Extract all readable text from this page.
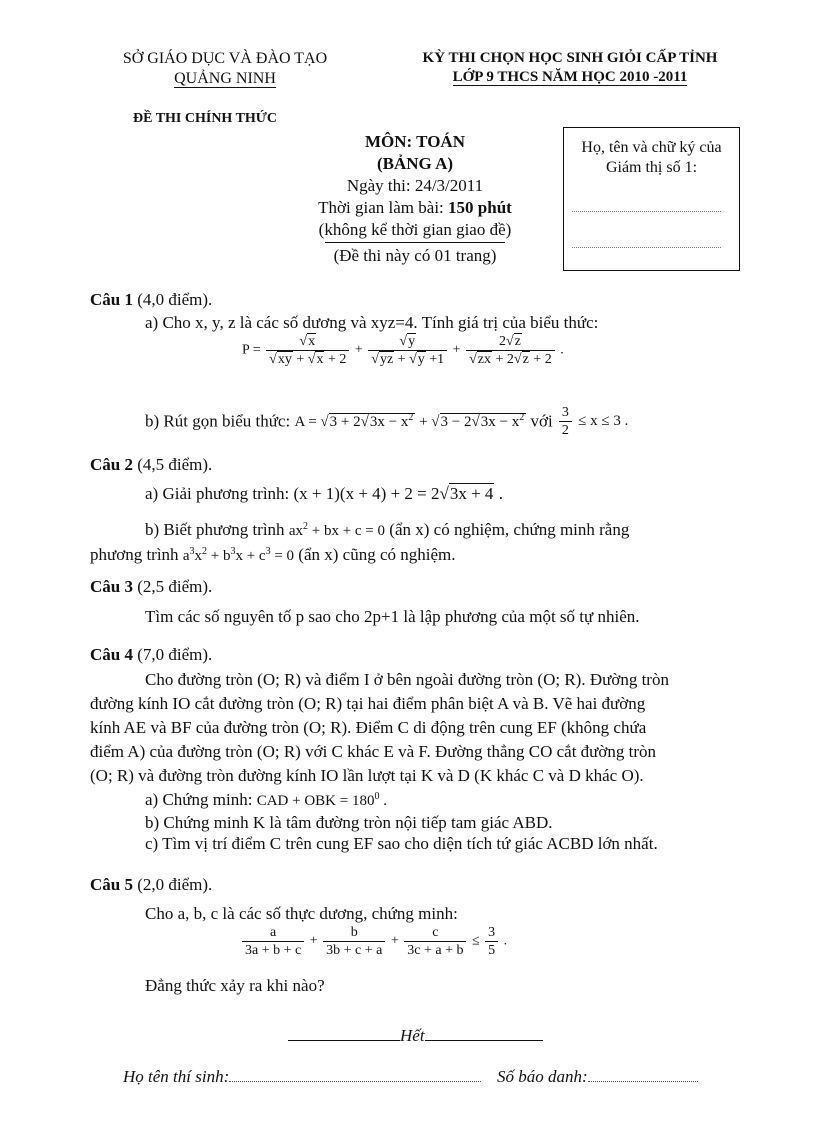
SỞ GIÁO DỤC VÀ ĐÀO TẠO
QUẢNG NINH
KỲ THI CHỌN HỌC SINH GIỎI CẤP TỈNH
LỚP 9 THCS NĂM HỌC 2010 -2011
ĐỀ THI CHÍNH THỨC
MÔN: TOÁN
(BẢNG A)
Ngày thi: 24/3/2011
Thời gian làm bài: 150 phút
(không kể thời gian giao đề)
(Đề thi này có 01 trang)
Họ, tên và chữ ký của
Giám thị số 1:
Câu 1 (4,0 điểm).
a) Cho x, y, z là các số dương và xyz=4. Tính giá trị của biểu thức:
$P = \frac{√x}{√xy + √x + 2} + \frac{√y}{√yz + √y +1} + \frac{2√z}{√zx + 2√z + 2}$ .
b) Rút gọn biểu thức: $A = √3 + 2√3x - x^2 + √3 - 2√3x - x^2$ với $\frac{3}{2} \le x \le 3$ .
Câu 2 (4,5 điểm).
a) Giải phương trình: (x + 1)(x + 4) + 2 = 2√3x + 4 .
b) Biết phương trình $ax^2$ + bx + c = 0 (ẩn x) có nghiệm, chứng minh rằng
phương trình $a^3x^2 + b^3x + c^3 = 0$ (ẩn x) cũng có nghiệm.
Câu 3 (2,5 điểm).
Tìm các số nguyên tố p sao cho 2p+1 là lập phương của một số tự nhiên.
Câu 4 (7,0 điểm).
Cho đường tròn (O; R) và điểm I ở bên ngoài đường tròn (O; R). Đường tròn
đường kính IO cắt đường tròn (O; R) tại hai điểm phân biệt A và B. Vẽ hai đường
kính AE và BF của đường tròn (O; R). Điểm C di động trên cung EF (không chứa
điểm A) của đường tròn (O; R) với C khác E và F. Đường thẳng CO cắt đường tròn
(O; R) và đường tròn đường kính IO lần lượt tại K và D (K khác C và D khác O).
a) Chứng minh: CAD + OBK = $180^0$ .
b) Chứng minh K là tâm đường tròn nội tiếp tam giác ABD.
c) Tìm vị trí điểm C trên cung EF sao cho diện tích tứ giác ACBD lớn nhất.
Câu 5 (2,0 điểm).
Cho a, b, c là các số thực dương, chứng minh:
$\frac{a}{3a + b + c} + \frac{b}{3b + c + a} + \frac{c}{3c + a + b} \le \frac{3}{5}$ .
Đẳng thức xảy ra khi nào?
Hết
Họ tên thí sinh:	Số báo danh:
